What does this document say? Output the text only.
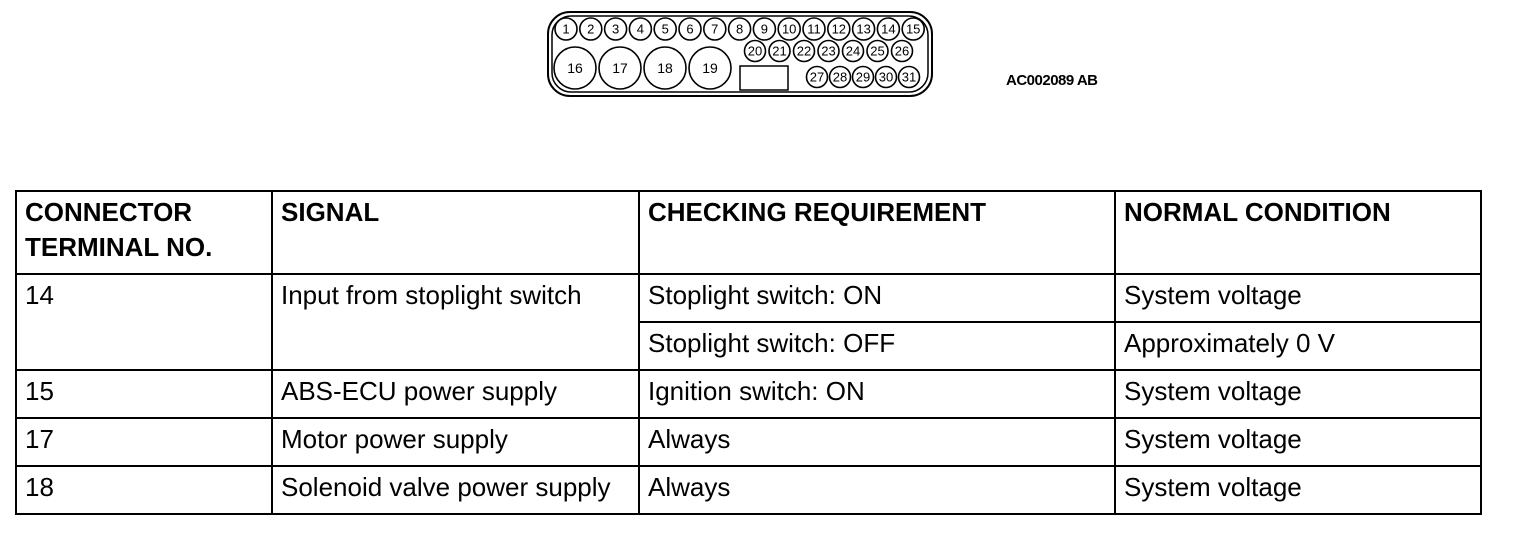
1 2 3 4 5 6 7 8 9 10 11 12 13 14 15
16 17 18 19
20 21 22 23 24 25 26
27 28 29 30 31	AC002089 AB
CONNECTOR TERMINAL NO.	SIGNAL	CHECKING REQUIREMENT	NORMAL CONDITION
14	Input from stoplight switch	Stoplight switch: ON	System voltage
		Stoplight switch: OFF	Approximately 0 V
15	ABS-ECU power supply	Ignition switch: ON	System voltage
17	Motor power supply	Always	System voltage
18	Solenoid valve power supply	Always	System voltage
